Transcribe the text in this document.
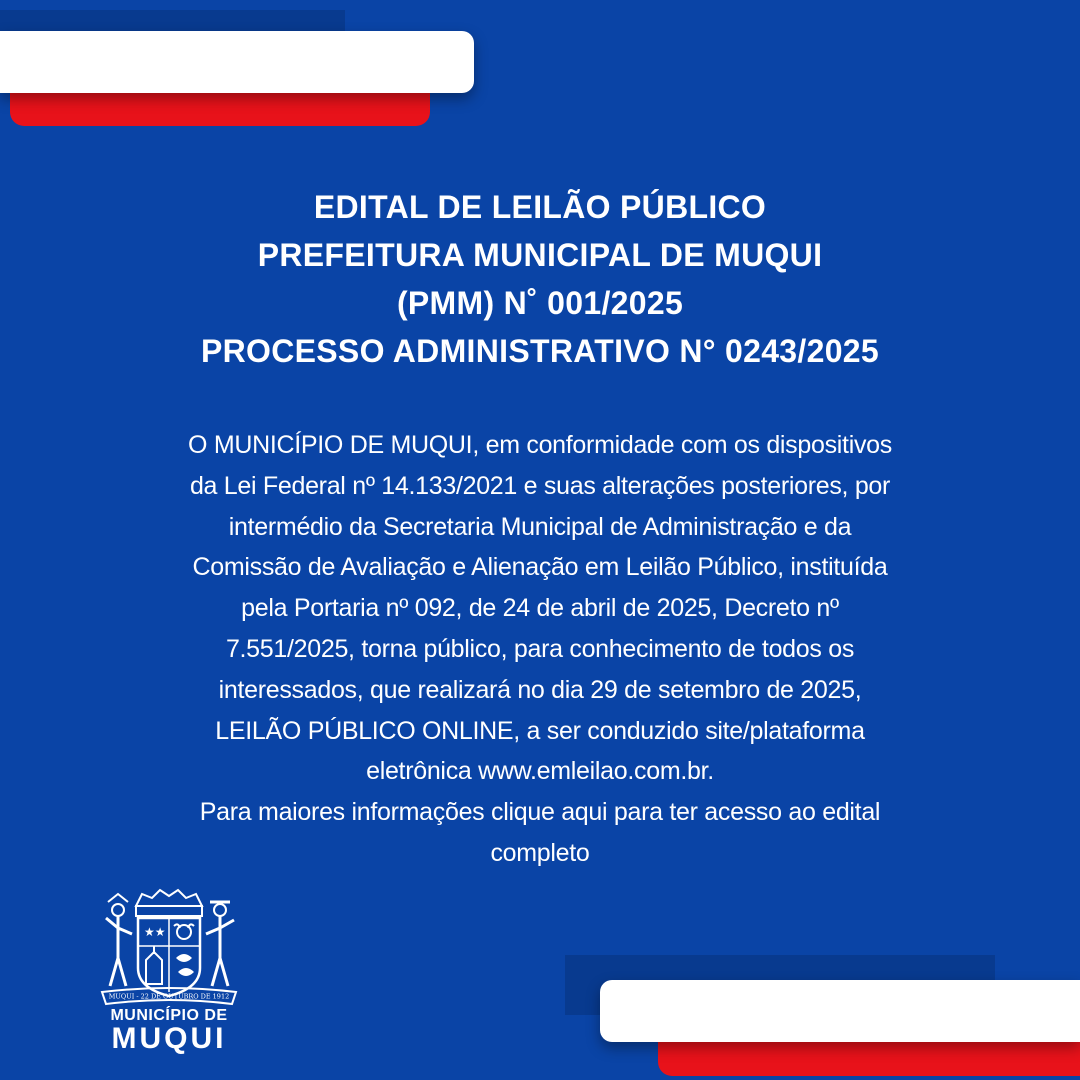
EDITAL DE LEILÃO PÚBLICO
PREFEITURA MUNICIPAL DE MUQUI
(PMM) N˚ 001/2025
PROCESSO ADMINISTRATIVO N° 0243/2025
O MUNICÍPIO DE MUQUI, em conformidade com os dispositivos
da Lei Federal nº 14.133/2021 e suas alterações posteriores, por
intermédio da Secretaria Municipal de Administração e da
Comissão de Avaliação e Alienação em Leilão Público, instituída
pela Portaria nº 092, de 24 de abril de 2025, Decreto nº
7.551/2025, torna público, para conhecimento de todos os
interessados, que realizará no dia 29 de setembro de 2025,
LEILÃO PÚBLICO ONLINE, a ser conduzido site/plataforma
eletrônica www.emleilao.com.br.
Para maiores informações clique aqui para ter acesso ao edital
completo
★★
MUQUI - 22 DE OUTUBRO DE 1912
MUNICÍPIO DE
MUQUI
